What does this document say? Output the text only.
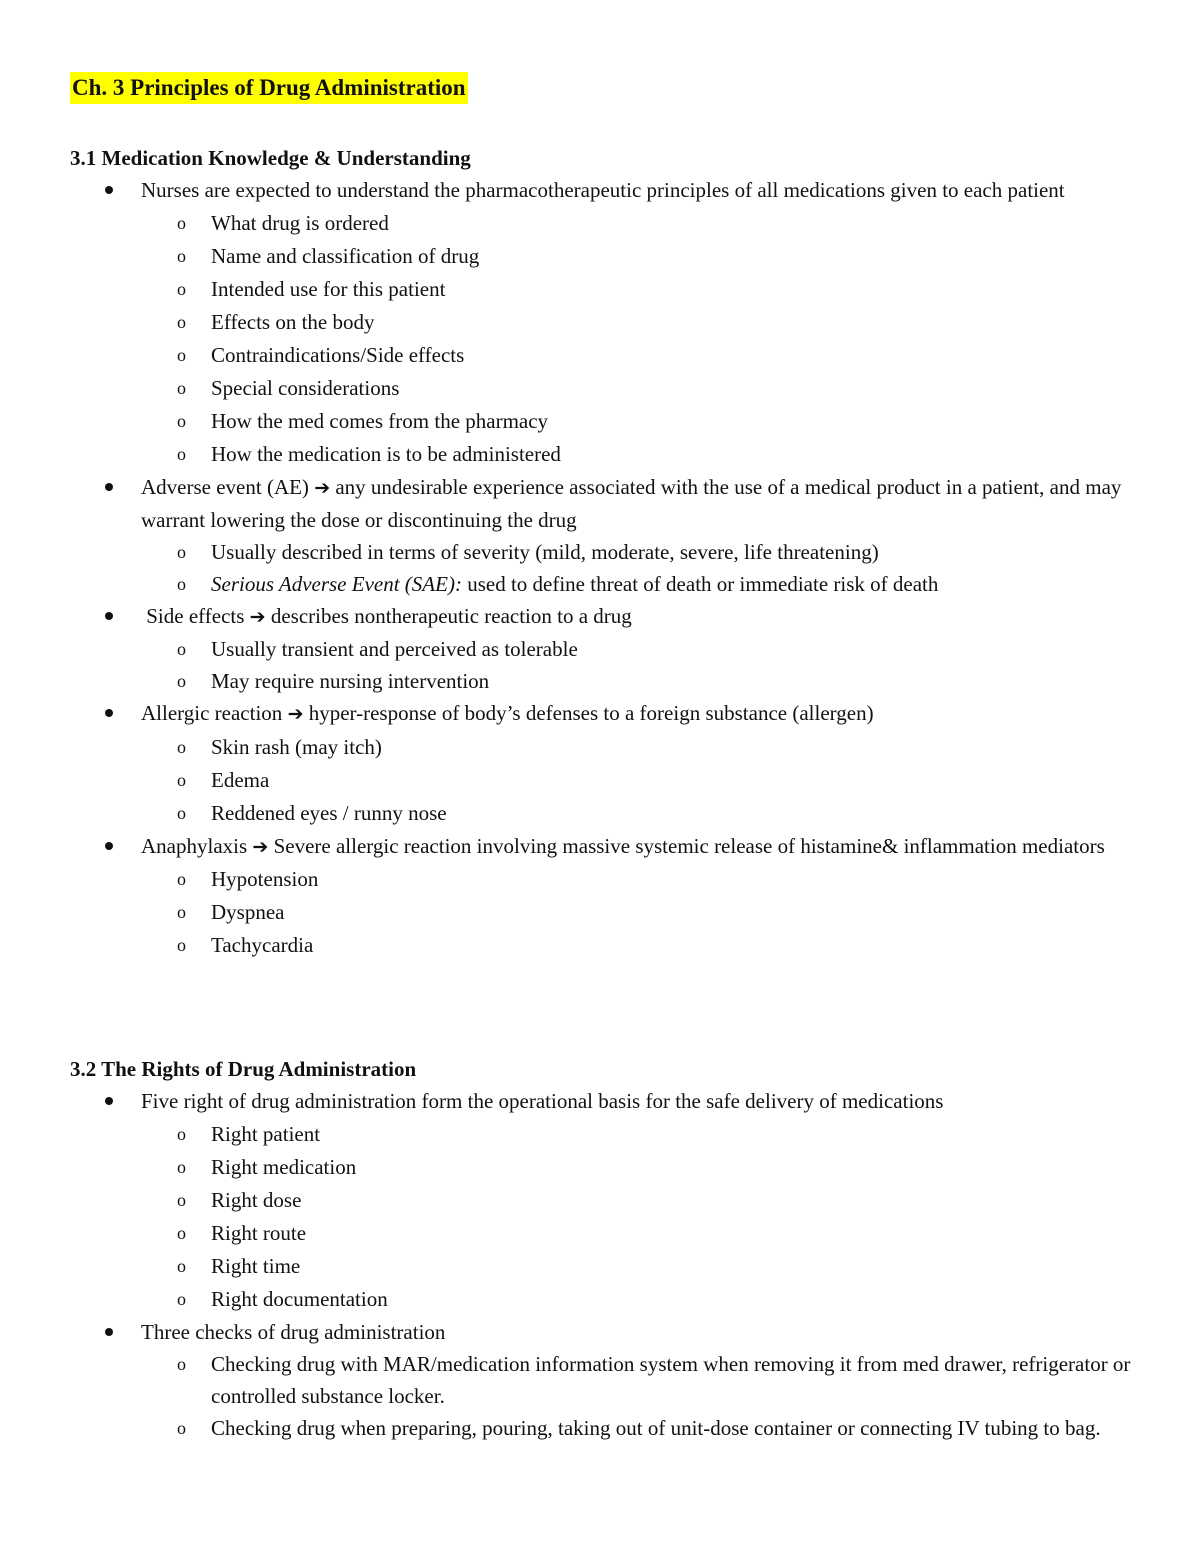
Ch. 3 Principles of Drug Administration
3.1 Medication Knowledge & Understanding
Nurses are expected to understand the pharmacotherapeutic principles of all medications given to each patient
o What drug is ordered
o Name and classification of drug
o Intended use for this patient
o Effects on the body
o Contraindications/Side effects
o Special considerations
o How the med comes from the pharmacy
o How the medication is to be administered
Adverse event (AE) ➔ any undesirable experience associated with the use of a medical product in a patient, and may warrant lowering the dose or discontinuing the drug
o Usually described in terms of severity (mild, moderate, severe, life threatening)
o Serious Adverse Event (SAE): used to define threat of death or immediate risk of death
Side effects ➔ describes nontherapeutic reaction to a drug
o Usually transient and perceived as tolerable
o May require nursing intervention
Allergic reaction ➔ hyper-response of body’s defenses to a foreign substance (allergen)
o Skin rash (may itch)
o Edema
o Reddened eyes / runny nose
Anaphylaxis ➔ Severe allergic reaction involving massive systemic release of histamine& inflammation mediators
o Hypotension
o Dyspnea
o Tachycardia
3.2 The Rights of Drug Administration
Five right of drug administration form the operational basis for the safe delivery of medications
o Right patient
o Right medication
o Right dose
o Right route
o Right time
o Right documentation
Three checks of drug administration
o Checking drug with MAR/medication information system when removing it from med drawer, refrigerator or controlled substance locker.
o Checking drug when preparing, pouring, taking out of unit-dose container or connecting IV tubing to bag.
